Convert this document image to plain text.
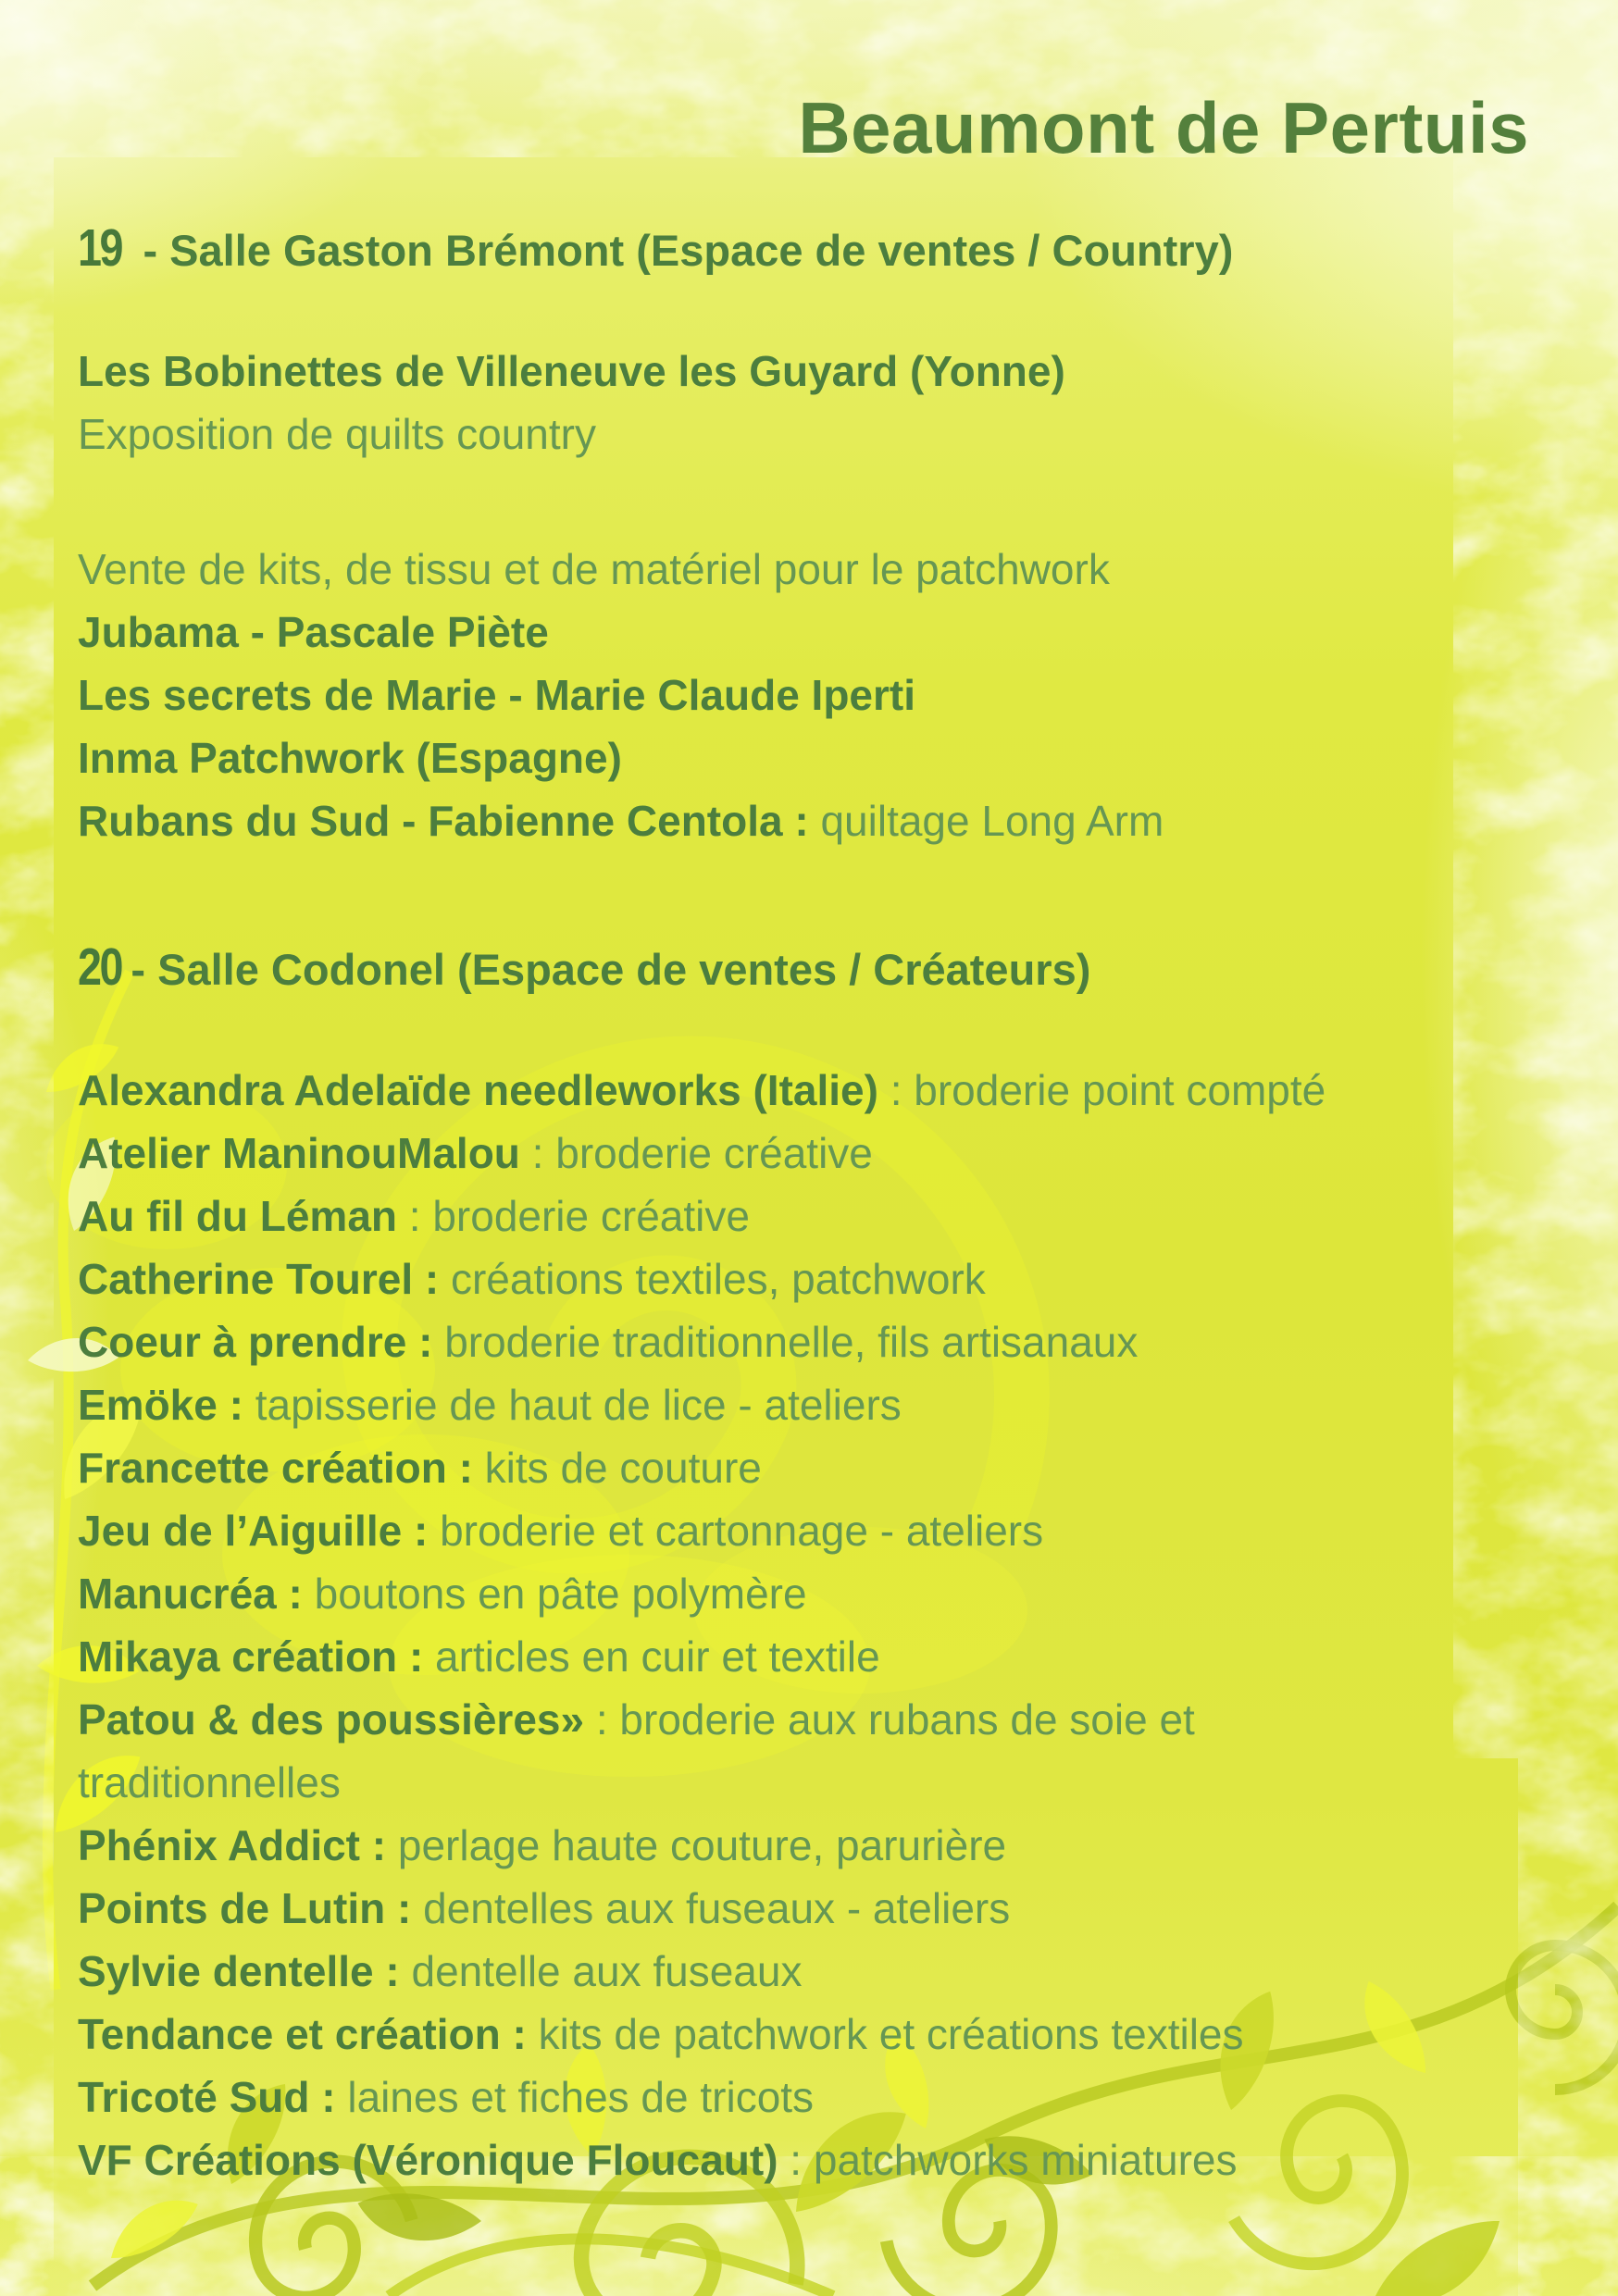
Beaumont de Pertuis
19 - Salle Gaston Brémont (Espace de ventes / Country)

Les Bobinettes de Villeneuve les Guyard (Yonne)

Exposition de quilts country

Vente de kits, de tissu et de matériel pour le patchwork

Jubama - Pascale Piète

Les secrets de Marie - Marie Claude Iperti

Inma Patchwork (Espagne)

Rubans du Sud - Fabienne Centola : quiltage Long Arm

20 - Salle Codonel (Espace de ventes / Créateurs)

Alexandra Adelaïde needleworks (Italie) : broderie point compté

Atelier ManinouMalou : broderie créative

Au fil du Léman : broderie créative

Catherine Tourel : créations textiles, patchwork

Coeur à prendre : broderie traditionnelle, fils artisanaux

Emöke : tapisserie de haut de lice - ateliers

Francette création : kits de couture

Jeu de l’Aiguille : broderie et cartonnage - ateliers

Manucréa : boutons en pâte polymère

Mikaya création : articles en cuir et textile

Patou & des poussières» : broderie aux rubans de soie et

traditionnelles

Phénix Addict : perlage haute couture, parurière

Points de Lutin : dentelles aux fuseaux - ateliers

Sylvie dentelle : dentelle aux fuseaux

Tendance et création : kits de patchwork et créations textiles

Tricoté Sud : laines et fiches de tricots

VF Créations (Véronique Floucaut) : patchworks miniatures
